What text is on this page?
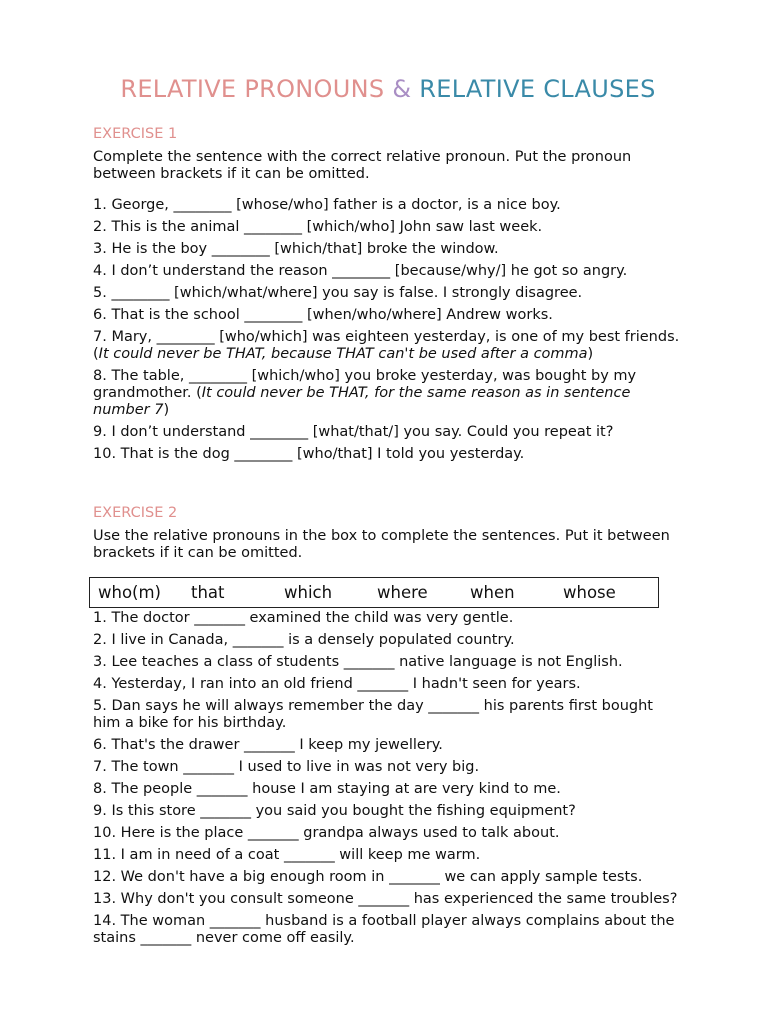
RELATIVE PRONOUNS & RELATIVE CLAUSES
EXERCISE 1
Complete the sentence with the correct relative pronoun. Put the pronoun between brackets if it can be omitted.
1. George, ________ [whose/who] father is a doctor, is a nice boy.
2. This is the animal ________ [which/who] John saw last week.
3. He is the boy ________ [which/that] broke the window.
4. I don’t understand the reason ________ [because/why/] he got so angry.
5. ________ [which/what/where] you say is false. I strongly disagree.
6. That is the school ________ [when/who/where] Andrew works.
7. Mary, ________ [who/which] was eighteen yesterday, is one of my best friends. (It could never be THAT, because THAT can't be used after a comma)
8. The table, ________ [which/who] you broke yesterday, was bought by my grandmother. (It could never be THAT, for the same reason as in sentence number 7)
9. I don’t understand ________ [what/that/] you say. Could you repeat it?
10. That is the dog ________ [who/that] I told you yesterday.
EXERCISE 2
Use the relative pronouns in the box to complete the sentences. Put it between brackets if it can be omitted.
who(m) that	which	where	when	whose
1. The doctor _______ examined the child was very gentle.
2. I live in Canada, _______ is a densely populated country.
3. Lee teaches a class of students _______ native language is not English.
4. Yesterday, I ran into an old friend _______ I hadn't seen for years.
5. Dan says he will always remember the day _______ his parents first bought him a bike for his birthday.
6. That's the drawer _______ I keep my jewellery.
7. The town _______ I used to live in was not very big.
8. The people _______ house I am staying at are very kind to me.
9. Is this store _______ you said you bought the fishing equipment?
10. Here is the place _______ grandpa always used to talk about.
11. I am in need of a coat _______ will keep me warm.
12. We don't have a big enough room in _______ we can apply sample tests.
13. Why don't you consult someone _______ has experienced the same troubles?
14. The woman _______ husband is a football player always complains about the stains _______ never come off easily.
